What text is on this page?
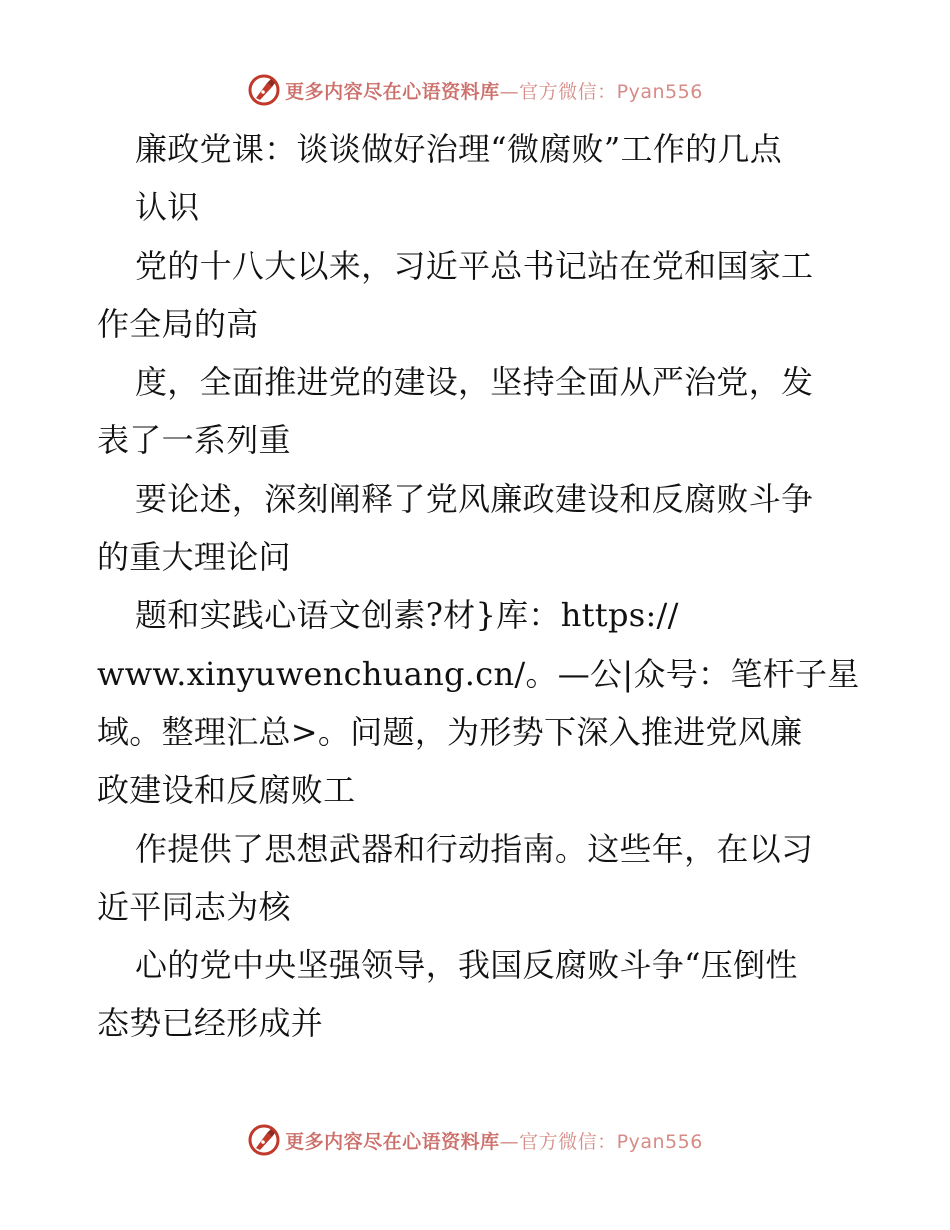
更多内容尽在心语资料库—官方微信：Pyan556
廉政党课：谈谈做好治理“微腐败”工作的几点
认识
党的十八大以来，习近平总书记站在党和国家工
作全局的高
度，全面推进党的建设，坚持全面从严治党，发
表了一系列重
要论述，深刻阐释了党风廉政建设和反腐败斗争
的重大理论问
题和实践心语文创素?材}库：https://
www.xinyuwenchuang.cn/。—公|众号：笔杆子星
域。整理汇总>。问题，为形势下深入推进党风廉
政建设和反腐败工
作提供了思想武器和行动指南。这些年，在以习
近平同志为核
心的党中央坚强领导，我国反腐败斗争“压倒性
态势已经形成并
更多内容尽在心语资料库—官方微信：Pyan556
